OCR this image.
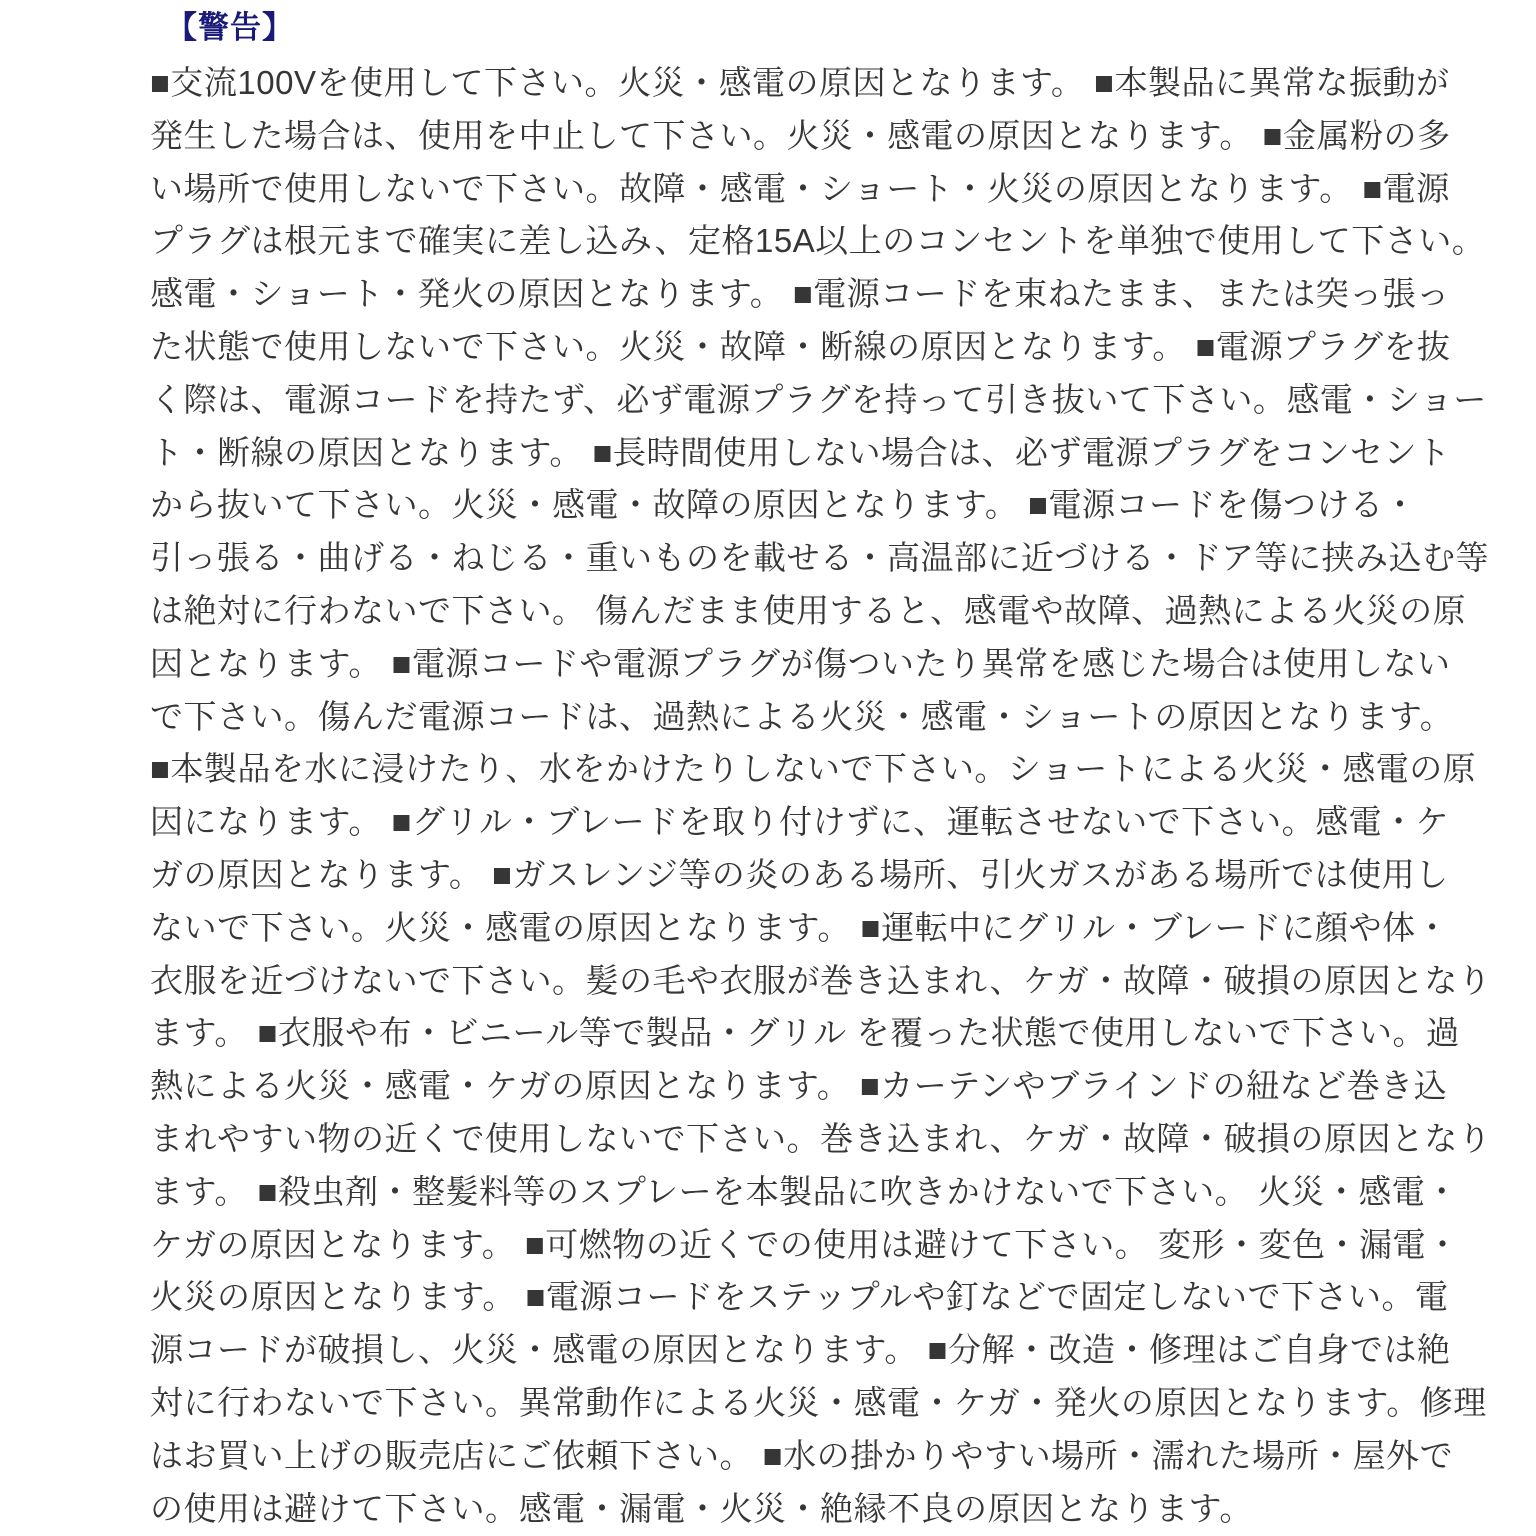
【警告】
■交流100Vを使用して下さい。火災・感電の原因となります。 ■本製品に異常な振動が
発生した場合は、使用を中止して下さい。火災・感電の原因となります。 ■金属粉の多
い場所で使用しないで下さい。故障・感電・ショート・火災の原因となります。 ■電源
プラグは根元まで確実に差し込み、定格15A以上のコンセントを単独で使用して下さい。
感電・ショート・発火の原因となります。 ■電源コードを束ねたまま、または突っ張っ
た状態で使用しないで下さい。火災・故障・断線の原因となります。 ■電源プラグを抜
く際は、電源コードを持たず、必ず電源プラグを持って引き抜いて下さい。感電・ショー
ト・断線の原因となります。 ■長時間使用しない場合は、必ず電源プラグをコンセント
から抜いて下さい。火災・感電・故障の原因となります。 ■電源コードを傷つける・
引っ張る・曲げる・ねじる・重いものを載せる・高温部に近づける・ドア等に挟み込む等
は絶対に行わないで下さい。 傷んだまま使用すると、感電や故障、過熱による火災の原
因となります。 ■電源コードや電源プラグが傷ついたり異常を感じた場合は使用しない
で下さい。傷んだ電源コードは、過熱による火災・感電・ショートの原因となります。
■本製品を水に浸けたり、水をかけたりしないで下さい。ショートによる火災・感電の原
因になります。 ■グリル・ブレードを取り付けずに、運転させないで下さい。感電・ケ
ガの原因となります。 ■ガスレンジ等の炎のある場所、引火ガスがある場所では使用し
ないで下さい。火災・感電の原因となります。 ■運転中にグリル・ブレードに顔や体・
衣服を近づけないで下さい。髪の毛や衣服が巻き込まれ、ケガ・故障・破損の原因となり
ます。 ■衣服や布・ビニール等で製品・グリル を覆った状態で使用しないで下さい。過
熱による火災・感電・ケガの原因となります。 ■カーテンやブラインドの紐など巻き込
まれやすい物の近くで使用しないで下さい。巻き込まれ、ケガ・故障・破損の原因となり
ます。 ■殺虫剤・整髪料等のスプレーを本製品に吹きかけないで下さい。 火災・感電・
ケガの原因となります。 ■可燃物の近くでの使用は避けて下さい。 変形・変色・漏電・
火災の原因となります。 ■電源コードをステップルや釘などで固定しないで下さい。電
源コードが破損し、火災・感電の原因となります。 ■分解・改造・修理はご自身では絶
対に行わないで下さい。異常動作による火災・感電・ケガ・発火の原因となります。修理
はお買い上げの販売店にご依頼下さい。 ■水の掛かりやすい場所・濡れた場所・屋外で
の使用は避けて下さい。感電・漏電・火災・絶縁不良の原因となります。
